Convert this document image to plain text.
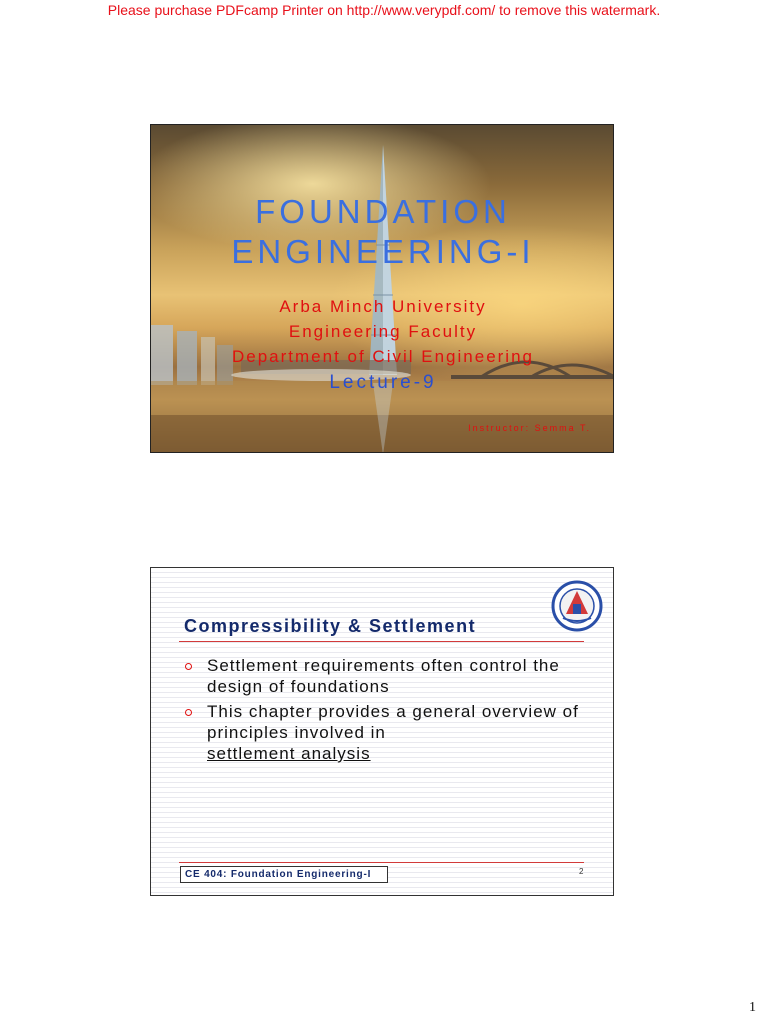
Please purchase PDFcamp Printer on http://www.verypdf.com/ to remove this watermark.
FOUNDATION
ENGINEERING-I
Arba Minch University
Engineering Faculty
Department of Civil Engineering
Lecture-9
Instructor: Semma T.
Compressibility & Settlement
Settlement requirements often control the design of foundations
This chapter provides a general overview of principles involved in
settlement analysis
CE 404: Foundation Engineering-I	2
1
